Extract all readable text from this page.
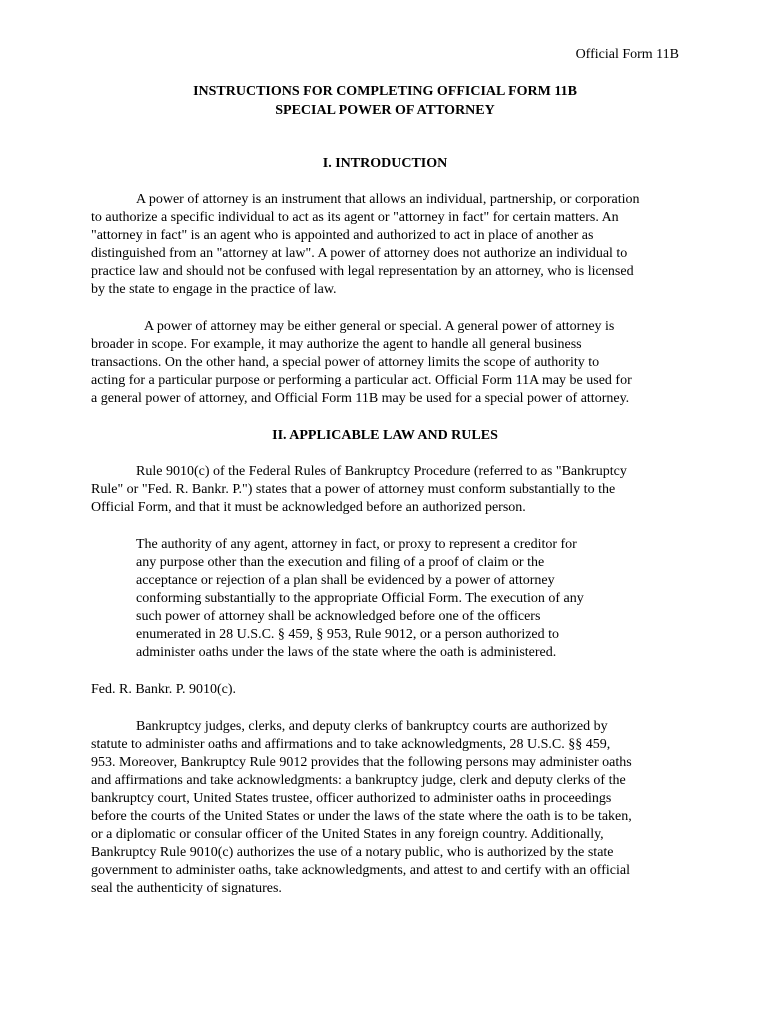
Official Form 11B
INSTRUCTIONS FOR COMPLETING OFFICIAL FORM 11B
SPECIAL POWER OF ATTORNEY
I. INTRODUCTION
A power of attorney is an instrument that allows an individual, partnership, or corporation
to authorize a specific individual to act as its agent or "attorney in fact" for certain matters. An
"attorney in fact" is an agent who is appointed and authorized to act in place of another as
distinguished from an "attorney at law". A power of attorney does not authorize an individual to
practice law and should not be confused with legal representation by an attorney, who is licensed
by the state to engage in the practice of law.
A power of attorney may be either general or special. A general power of attorney is
broader in scope. For example, it may authorize the agent to handle all general business
transactions. On the other hand, a special power of attorney limits the scope of authority to
acting for a particular purpose or performing a particular act. Official Form 11A may be used for
a general power of attorney, and Official Form 11B may be used for a special power of attorney.
II. APPLICABLE LAW AND RULES
Rule 9010(c) of the Federal Rules of Bankruptcy Procedure (referred to as "Bankruptcy
Rule" or "Fed. R. Bankr. P.") states that a power of attorney must conform substantially to the
Official Form, and that it must be acknowledged before an authorized person.
The authority of any agent, attorney in fact, or proxy to represent a creditor for
any purpose other than the execution and filing of a proof of claim or the
acceptance or rejection of a plan shall be evidenced by a power of attorney
conforming substantially to the appropriate Official Form. The execution of any
such power of attorney shall be acknowledged before one of the officers
enumerated in 28 U.S.C. § 459, § 953, Rule 9012, or a person authorized to
administer oaths under the laws of the state where the oath is administered.
Fed. R. Bankr. P. 9010(c).
Bankruptcy judges, clerks, and deputy clerks of bankruptcy courts are authorized by
statute to administer oaths and affirmations and to take acknowledgments, 28 U.S.C. §§ 459,
953. Moreover, Bankruptcy Rule 9012 provides that the following persons may administer oaths
and affirmations and take acknowledgments: a bankruptcy judge, clerk and deputy clerks of the
bankruptcy court, United States trustee, officer authorized to administer oaths in proceedings
before the courts of the United States or under the laws of the state where the oath is to be taken,
or a diplomatic or consular officer of the United States in any foreign country. Additionally,
Bankruptcy Rule 9010(c) authorizes the use of a notary public, who is authorized by the state
government to administer oaths, take acknowledgments, and attest to and certify with an official
seal the authenticity of signatures.
